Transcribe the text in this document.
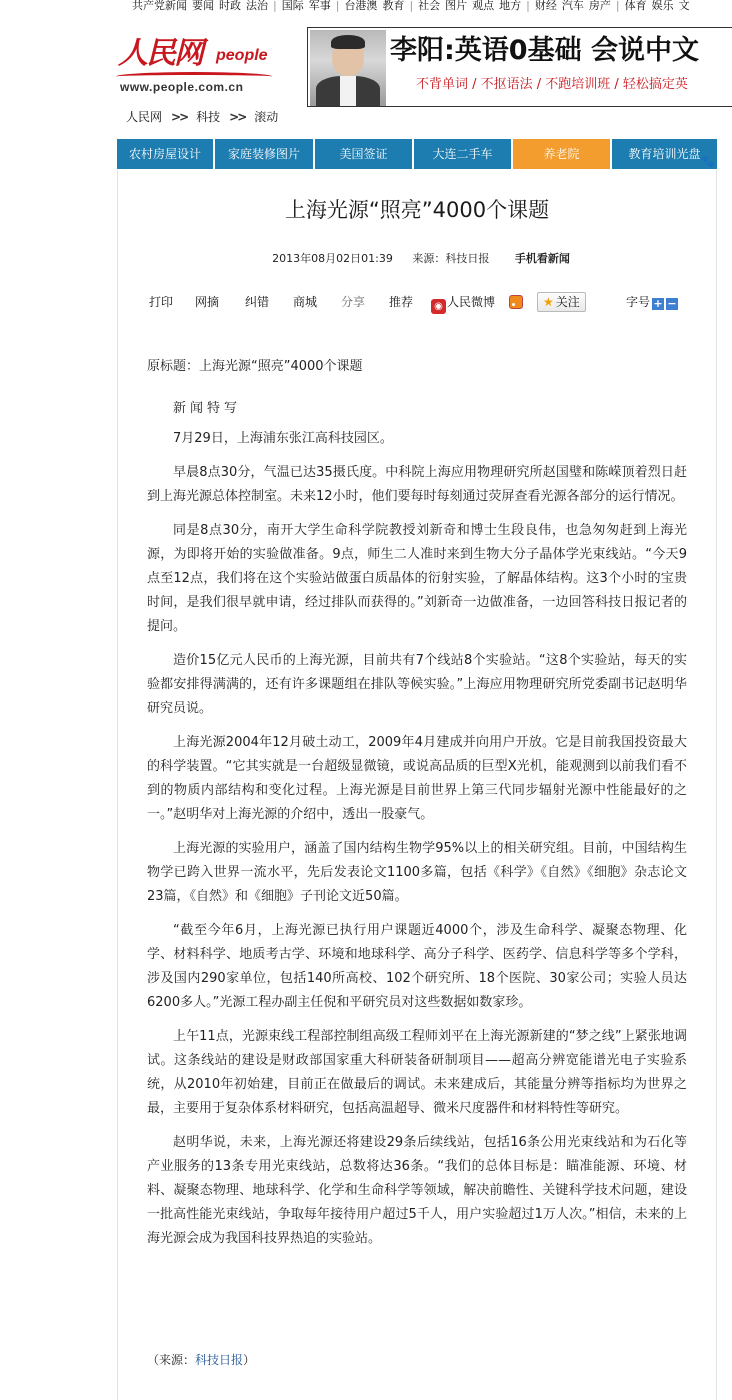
共产党新闻 要闻 时政 法治 | 国际 军事 | 台港澳 教育 | 社会 图片 观点 地方 | 财经 汽车 房产 | 体育 娱乐 文
人民网 people
www.people.com.cn
李阳:英语0基础 会说中文
不背单词 / 不抠语法 / 不跑培训班 / 轻松搞定英
人民网 >> 科技 >> 滚动
农村房屋设计	家庭装修图片	美国签证	大连二手车	养老院	教育培训光盘
🐾
上海光源“照亮”4000个课题
2013年08月02日01:39 来源：科技日报 手机看新闻
打印 网摘 纠错 商城 分享 推荐	◉ 人民微博	★ 关注	字号 + −

原标题：上海光源“照亮”4000个课题

新闻特写

7月29日，上海浦东张江高科技园区。

早晨8点30分，气温已达35摄氏度。中科院上海应用物理研究所赵国璧和陈嵘顶着烈日赶到上海光源总体控制室。未来12小时，他们要每时每刻通过荧屏查看光源各部分的运行情况。

同是8点30分，南开大学生命科学院教授刘新奇和博士生段良伟，也急匆匆赶到上海光源，为即将开始的实验做准备。9点，师生二人准时来到生物大分子晶体学光束线站。“今天9点至12点，我们将在这个实验站做蛋白质晶体的衍射实验，了解晶体结构。这3个小时的宝贵时间，是我们很早就申请，经过排队而获得的。”刘新奇一边做准备，一边回答科技日报记者的提问。

造价15亿元人民币的上海光源，目前共有7个线站8个实验站。“这8个实验站，每天的实验都安排得满满的，还有许多课题组在排队等候实验。”上海应用物理研究所党委副书记赵明华研究员说。

上海光源2004年12月破土动工，2009年4月建成并向用户开放。它是目前我国投资最大的科学装置。“它其实就是一台超级显微镜，或说高品质的巨型X光机，能观测到以前我们看不到的物质内部结构和变化过程。上海光源是目前世界上第三代同步辐射光源中性能最好的之一。”赵明华对上海光源的介绍中，透出一股豪气。

上海光源的实验用户，涵盖了国内结构生物学95%以上的相关研究组。目前，中国结构生物学已跨入世界一流水平，先后发表论文1100多篇，包括《科学》《自然》《细胞》杂志论文23篇，《自然》和《细胞》子刊论文近50篇。

“截至今年6月，上海光源已执行用户课题近4000个，涉及生命科学、凝聚态物理、化学、材料科学、地质考古学、环境和地球科学、高分子科学、医药学、信息科学等多个学科，涉及国内290家单位，包括140所高校、102个研究所、18个医院、30家公司；实验人员达6200多人。”光源工程办副主任倪和平研究员对这些数据如数家珍。

上午11点，光源束线工程部控制组高级工程师刘平在上海光源新建的“梦之线”上紧张地调试。这条线站的建设是财政部国家重大科研装备研制项目——超高分辨宽能谱光电子实验系统，从2010年初始建，目前正在做最后的调试。未来建成后，其能量分辨等指标均为世界之最，主要用于复杂体系材料研究，包括高温超导、微米尺度器件和材料特性等研究。

赵明华说，未来，上海光源还将建设29条后续线站，包括16条公用光束线站和为石化等产业服务的13条专用光束线站，总数将达36条。“我们的总体目标是：瞄准能源、环境、材料、凝聚态物理、地球科学、化学和生命科学等领域，解决前瞻性、关键科学技术问题，建设一批高性能光束线站，争取每年接待用户超过5千人，用户实验超过1万人次。”相信，未来的上海光源会成为我国科技界热追的实验站。

（来源：科技日报）
